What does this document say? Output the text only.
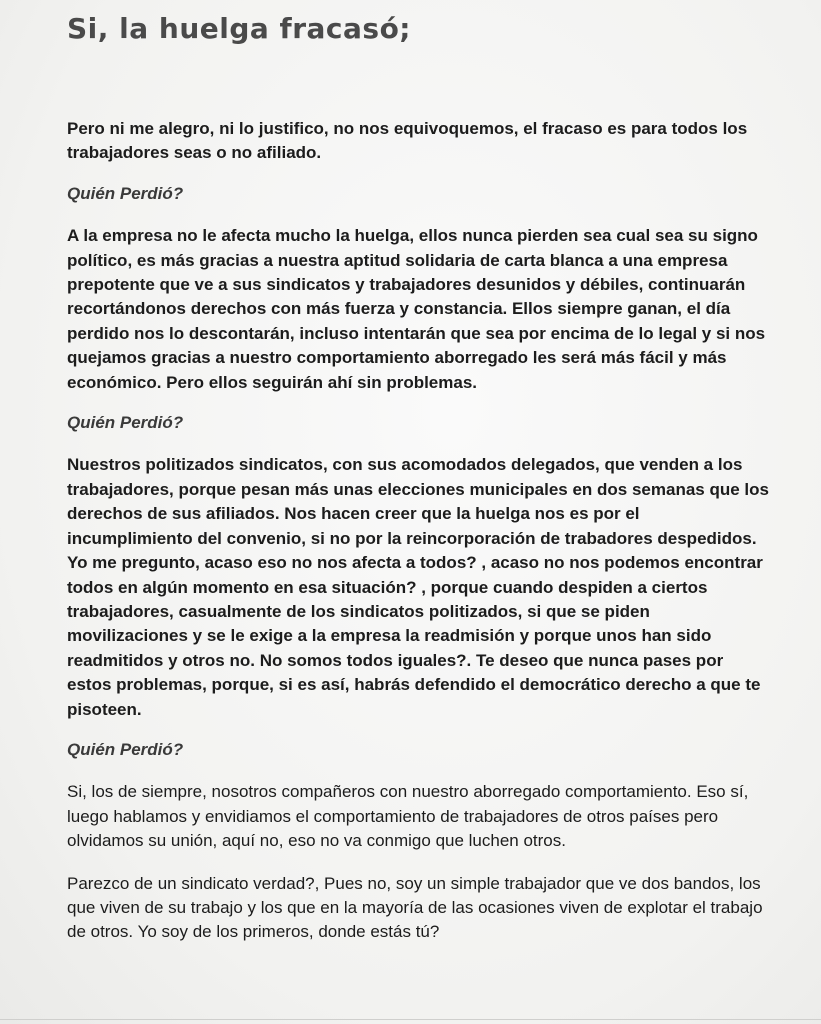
Si, la huelga fracasó;

Pero ni me alegro, ni lo justifico, no nos equivoquemos, el fracaso es para todos los trabajadores seas o no afiliado.

Quién Perdió?

A la empresa no le afecta mucho la huelga, ellos nunca pierden sea cual sea su signo político, es más gracias a nuestra aptitud solidaria de carta blanca a una empresa prepotente que ve a sus sindicatos y trabajadores desunidos y débiles, continuarán recortándonos derechos con más fuerza y constancia. Ellos siempre ganan, el día perdido nos lo descontarán, incluso intentarán que sea por encima de lo legal y si nos quejamos gracias a nuestro comportamiento aborregado les será más fácil y más económico. Pero ellos seguirán ahí sin problemas.

Quién Perdió?

Nuestros politizados sindicatos, con sus acomodados delegados, que venden a los trabajadores, porque pesan más unas elecciones municipales en dos semanas que los derechos de sus afiliados. Nos hacen creer que la huelga nos es por el incumplimiento del convenio, si no por la reincorporación de trabadores despedidos. Yo me pregunto, acaso eso no nos afecta a todos? , acaso no nos podemos encontrar todos en algún momento en esa situación? , porque cuando despiden a ciertos trabajadores, casualmente de los sindicatos politizados, si que se piden movilizaciones y se le exige a la empresa la readmisión y porque unos han sido readmitidos y otros no. No somos todos iguales?. Te deseo que nunca pases por estos problemas, porque, si es así, habrás defendido el democrático derecho a que te pisoteen.

Quién Perdió?

Si, los de siempre, nosotros compañeros con nuestro aborregado comportamiento. Eso sí, luego hablamos y envidiamos el comportamiento de trabajadores de otros países pero olvidamos su unión, aquí no, eso no va conmigo que luchen otros.

Parezco de un sindicato verdad?, Pues no, soy un simple trabajador que ve dos bandos, los que viven de su trabajo y los que en la mayoría de las ocasiones viven de explotar el trabajo de otros. Yo soy de los primeros, donde estás tú?
